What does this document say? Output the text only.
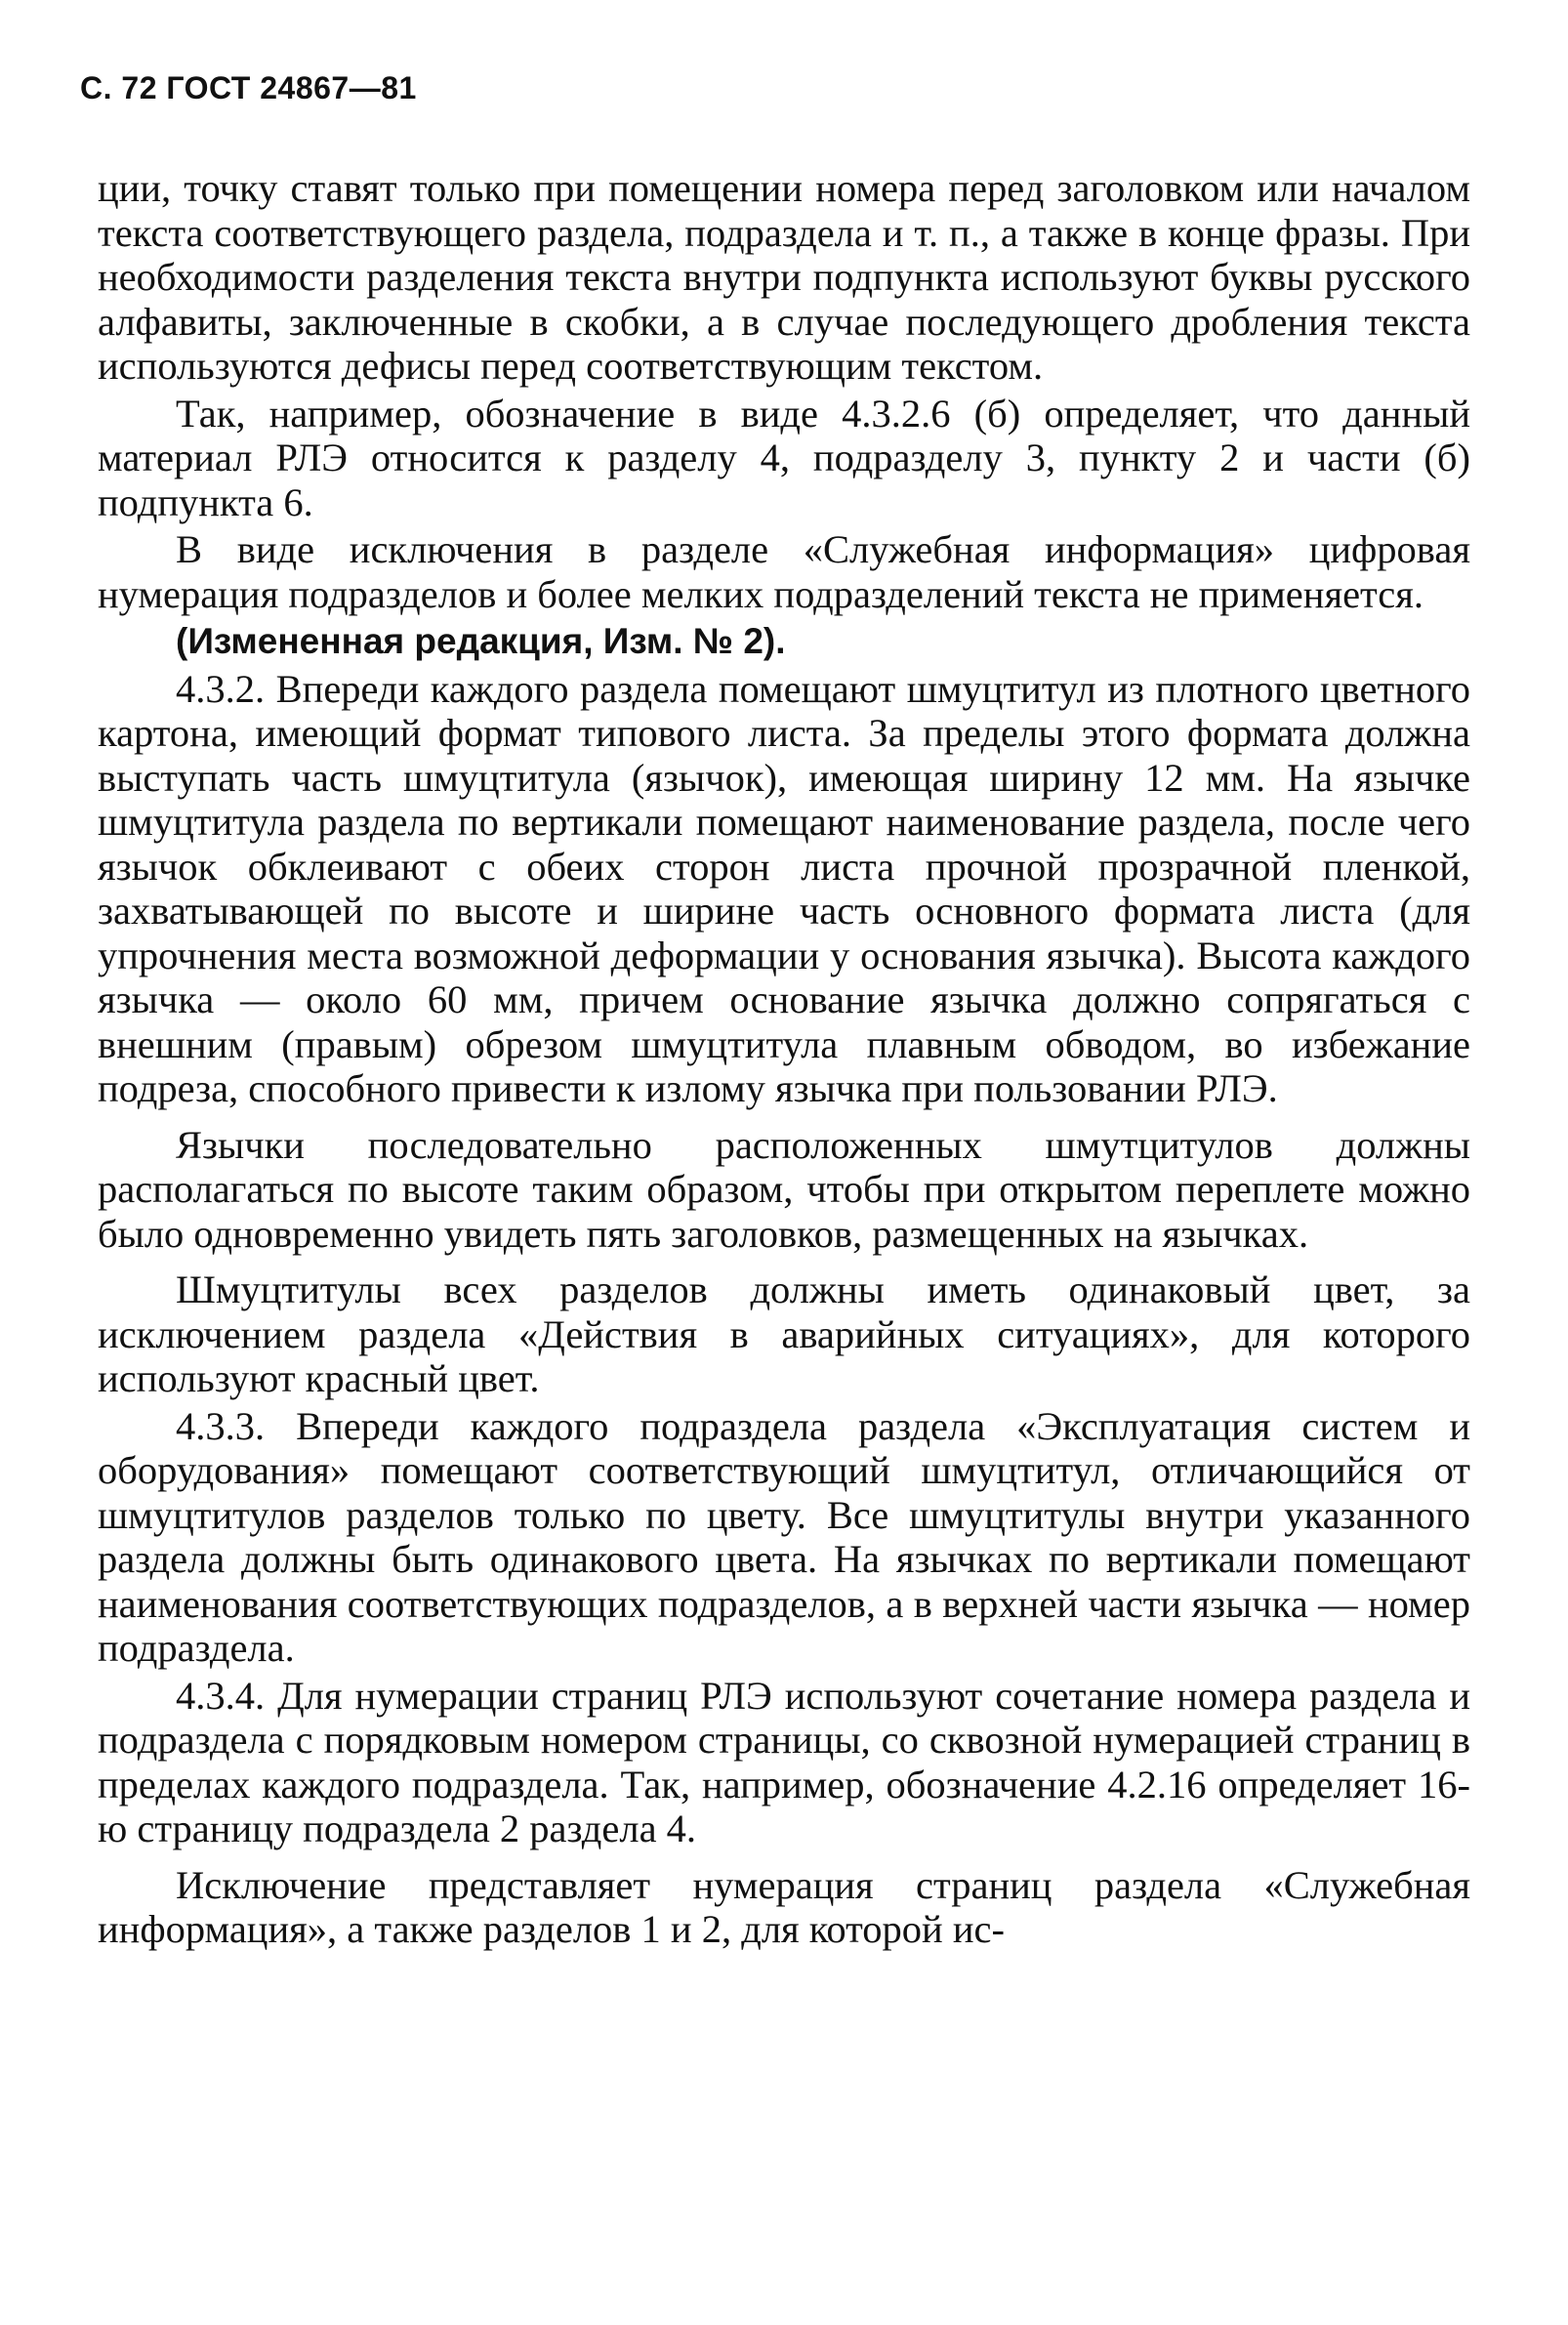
С. 72 ГОСТ 24867—81

ции, точку ставят только при помещении номера перед заголовком или началом текста соответствующего раздела, подраздела и т. п., а также в конце фразы. При необходимости разделения текста внутри подпункта используют буквы русского алфавиты, заключенные в скобки, а в случае последующего дробления текста используются дефисы перед соответствующим текстом.

Так, например, обозначение в виде 4.3.2.6 (б) определяет, что данный материал РЛЭ относится к разделу 4, подразделу 3, пункту 2 и части (б) подпункта 6.

В виде исключения в разделе «Служебная информация» цифровая нумерация подразделов и более мелких подразделений текста не применяется.

(Измененная редакция, Изм. № 2).

4.3.2. Впереди каждого раздела помещают шмуцтитул из плотного цветного картона, имеющий формат типового листа. За пределы этого формата должна выступать часть шмуцтитула (язычок), имеющая ширину 12 мм. На язычке шмуцтитула раздела по вертикали помещают наименование раздела, после чего язычок обклеивают с обеих сторон листа прочной прозрачной пленкой, захватывающей по высоте и ширине часть основного формата листа (для упрочнения места возможной деформации у основания язычка). Высота каждого язычка — около 60 мм, причем основание язычка должно сопрягаться с внешним (правым) обрезом шмуцтитула плавным обводом, во избежание подреза, способного привести к излому язычка при пользовании РЛЭ.

Язычки последовательно расположенных шмутцитулов должны располагаться по высоте таким образом, чтобы при открытом переплете можно было одновременно увидеть пять заголовков, размещенных на язычках.

Шмуцтитулы всех разделов должны иметь одинаковый цвет, за исключением раздела «Действия в аварийных ситуациях», для которого используют красный цвет.

4.3.3. Впереди каждого подраздела раздела «Эксплуатация систем и оборудования» помещают соответствующий шмуцтитул, отличающийся от шмуцтитулов разделов только по цвету. Все шмуцтитулы внутри указанного раздела должны быть одинакового цвета. На язычках по вертикали помещают наименования соответствующих подразделов, а в верхней части язычка — номер подраздела.

4.3.4. Для нумерации страниц РЛЭ используют сочетание номера раздела и подраздела с порядковым номером страницы, со сквозной нумерацией страниц в пределах каждого подраздела. Так, например, обозначение 4.2.16 определяет 16-ю страницу подраздела 2 раздела 4.

Исключение представляет нумерация страниц раздела «Служебная информация», а также разделов 1 и 2, для которой ис-
